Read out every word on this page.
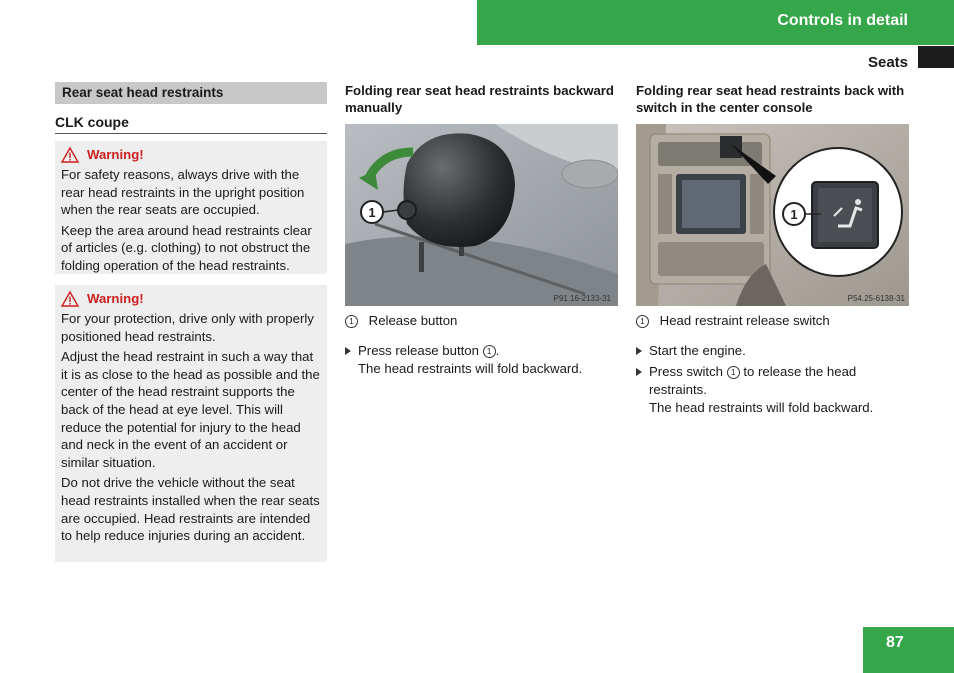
Controls in detail
Seats
Rear seat head restraints
CLK coupe
Warning!

For safety reasons, always drive with the rear head restraints in the upright position when the rear seats are occupied.

Keep the area around head restraints clear of articles (e.g. clothing) to not obstruct the folding operation of the head restraints.

Warning!

For your protection, drive only with properly positioned head restraints.

Adjust the head restraint in such a way that it is as close to the head as possible and the center of the head restraint supports the back of the head at eye level. This will reduce the potential for injury to the head and neck in the event of an accident or similar situation.

Do not drive the vehicle without the seat head restraints installed when the rear seats are occupied. Head restraints are intended to help reduce injuries during an accident.

Folding rear seat head restraints backward manually
1
P91.16-2133-31
1 Release button
Press release button 1 .
The head restraints will fold backward.
Folding rear seat head restraints back with switch in the center console
1
P54.25-6138-31
1 Head restraint release switch
Start the engine.
Press switch 1 to release the head restraints.
The head restraints will fold backward.
87
